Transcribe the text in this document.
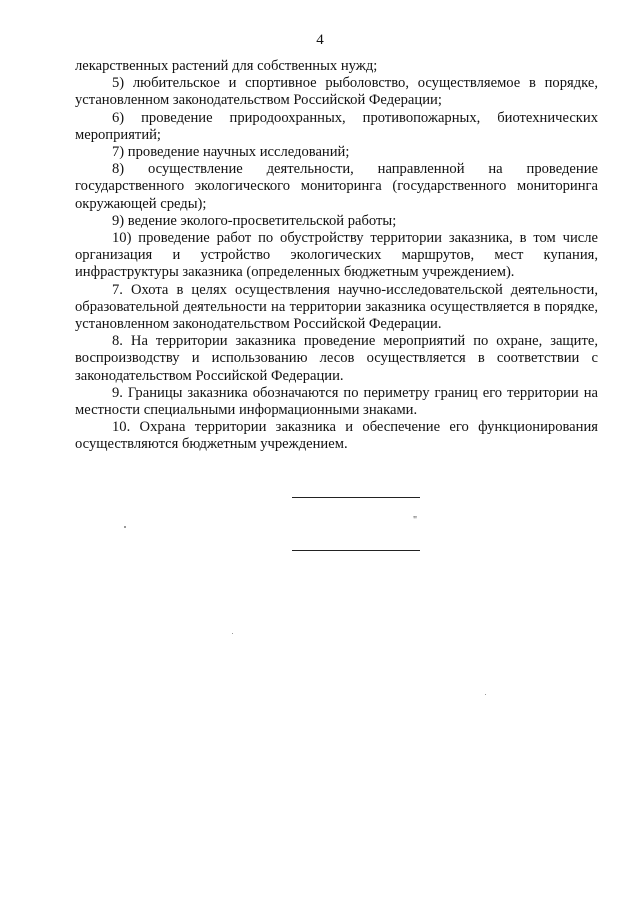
4

лекарственных растений для собственных нужд;

5) любительское и спортивное рыболовство, осуществляемое в порядке, установленном законодательством Российской Федерации;

6) проведение природоохранных, противопожарных, биотехнических мероприятий;

7) проведение научных исследований;

8) осуществление деятельности, направленной на проведение государственного экологического мониторинга (государственного мониторинга окружающей среды);

9) ведение эколого-просветительской работы;

10) проведение работ по обустройству территории заказника, в том числе организация и устройство экологических маршрутов, мест купания, инфраструктуры заказника (определенных бюджетным учреждением).

7. Охота в целях осуществления научно-исследовательской деятельности, образовательной деятельности на территории заказника осуществляется в порядке, установленном законодательством Российской Федерации.

8. На территории заказника проведение мероприятий по охране, защите, воспроизводству и использованию лесов осуществляется в соответствии с законодательством Российской Федерации.

9. Границы заказника обозначаются по периметру границ его территории на местности специальными информационными знаками.

10. Охрана территории заказника и обеспечение его функционирования осуществляются бюджетным учреждением.

"
